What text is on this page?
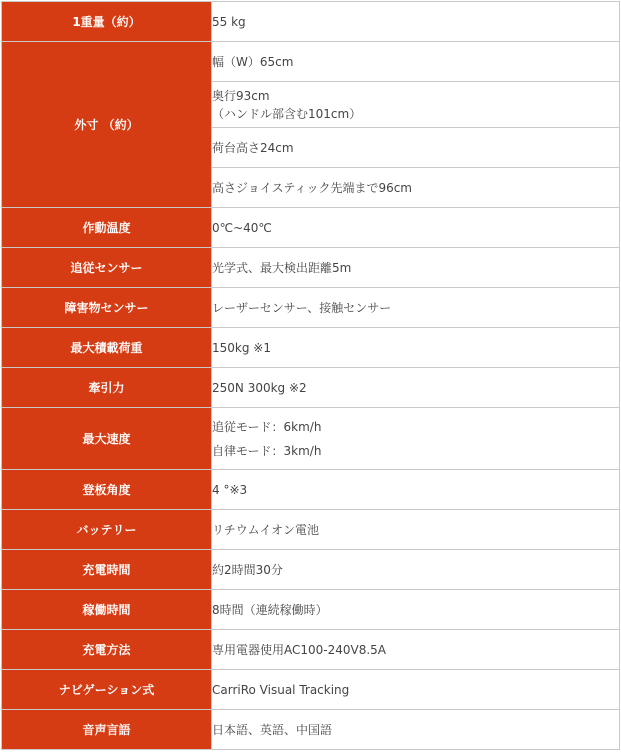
1重量（約）	55 kg

外寸 （約）	幅（W）65cm

	奥行93cm
（ハンドル部含む101cm）

	荷台高さ24cm

	高さジョイスティック先端まで96cm

作動温度	0℃~40℃

追従センサー	光学式、最大検出距離5m

障害物センサー	レーザーセンサー、接触センサー

最大積載荷重	150kg ※1

牽引力	250N 300kg ※2

最大速度	追従モード：6km/h
自律モード：3km/h

登板角度	4 °※3

バッテリー	リチウムイオン電池

充電時間	約2時間30分

稼働時間	8時間（連続稼働時）

充電方法	専用電器使用AC100-240V8.5A

ナビゲーション式	CarriRo Visual Tracking

音声言語	日本語、英語、中国語
